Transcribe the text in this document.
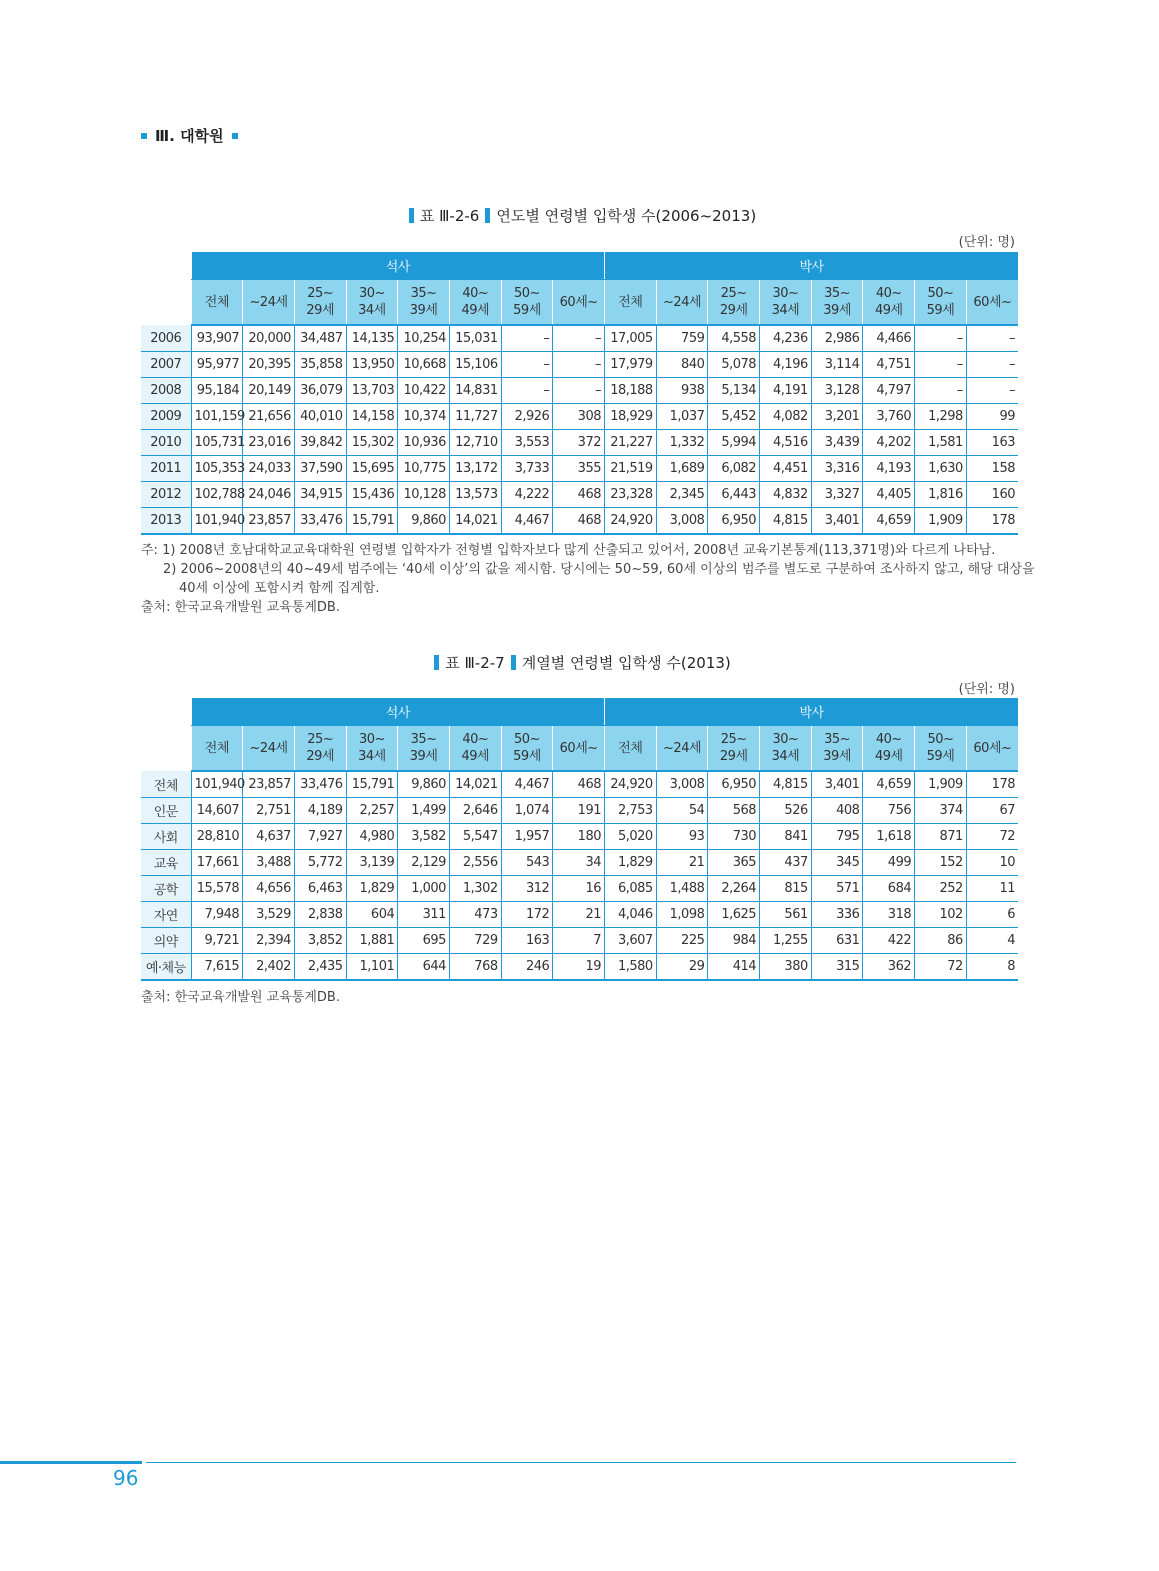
Ⅲ. 대학원
표 Ⅲ-2-6 연도별 연령별 입학생 수(2006~2013)
(단위: 명)
	석사								박사							
	전체	~24세	25~
29세	30~
34세	35~
39세	40~
49세	50~
59세	60세~	전체	~24세	25~
29세	30~
34세	35~
39세	40~
49세	50~
59세	60세~
2006	93,907	20,000	34,487	14,135	10,254	15,031	–	–	17,005	759	4,558	4,236	2,986	4,466	–	–
2007	95,977	20,395	35,858	13,950	10,668	15,106	–	–	17,979	840	5,078	4,196	3,114	4,751	–	–
2008	95,184	20,149	36,079	13,703	10,422	14,831	–	–	18,188	938	5,134	4,191	3,128	4,797	–	–
2009	101,159	21,656	40,010	14,158	10,374	11,727	2,926	308	18,929	1,037	5,452	4,082	3,201	3,760	1,298	99
2010	105,731	23,016	39,842	15,302	10,936	12,710	3,553	372	21,227	1,332	5,994	4,516	3,439	4,202	1,581	163
2011	105,353	24,033	37,590	15,695	10,775	13,172	3,733	355	21,519	1,689	6,082	4,451	3,316	4,193	1,630	158
2012	102,788	24,046	34,915	15,436	10,128	13,573	4,222	468	23,328	2,345	6,443	4,832	3,327	4,405	1,816	160
2013	101,940	23,857	33,476	15,791	9,860	14,021	4,467	468	24,920	3,008	6,950	4,815	3,401	4,659	1,909	178
주: 1) 2008년 호남대학교교육대학원 연령별 입학자가 전형별 입학자보다 많게 산출되고 있어서, 2008년 교육기본통계(113,371명)와 다르게 나타남.
2) 2006~2008년의 40~49세 범주에는 ‘40세 이상’의 값을 제시함. 당시에는 50~59, 60세 이상의 범주를 별도로 구분하여 조사하지 않고, 해당 대상을
40세 이상에 포함시켜 함께 집계함.
출처: 한국교육개발원 교육통계DB.
표 Ⅲ-2-7 계열별 연령별 입학생 수(2013)
(단위: 명)
	석사								박사							
	전체	~24세	25~
29세	30~
34세	35~
39세	40~
49세	50~
59세	60세~	전체	~24세	25~
29세	30~
34세	35~
39세	40~
49세	50~
59세	60세~
전체	101,940	23,857	33,476	15,791	9,860	14,021	4,467	468	24,920	3,008	6,950	4,815	3,401	4,659	1,909	178
인문	14,607	2,751	4,189	2,257	1,499	2,646	1,074	191	2,753	54	568	526	408	756	374	67
사회	28,810	4,637	7,927	4,980	3,582	5,547	1,957	180	5,020	93	730	841	795	1,618	871	72
교육	17,661	3,488	5,772	3,139	2,129	2,556	543	34	1,829	21	365	437	345	499	152	10
공학	15,578	4,656	6,463	1,829	1,000	1,302	312	16	6,085	1,488	2,264	815	571	684	252	11
자연	7,948	3,529	2,838	604	311	473	172	21	4,046	1,098	1,625	561	336	318	102	6
의약	9,721	2,394	3,852	1,881	695	729	163	7	3,607	225	984	1,255	631	422	86	4
예·체능	7,615	2,402	2,435	1,101	644	768	246	19	1,580	29	414	380	315	362	72	8
출처: 한국교육개발원 교육통계DB.
96
